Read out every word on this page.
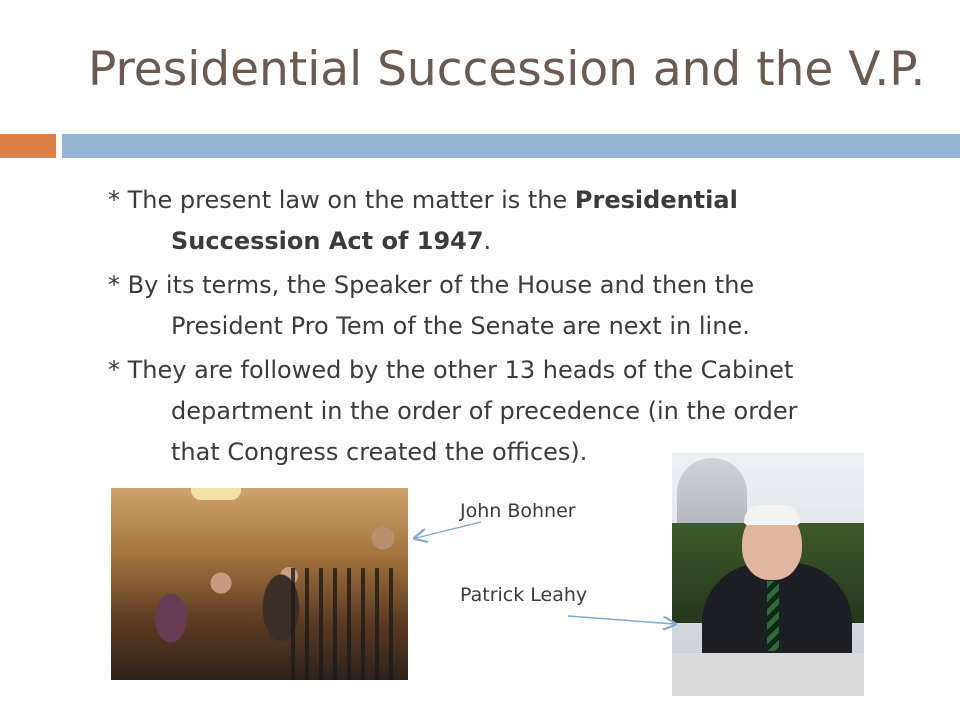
Presidential Succession and the V.P.
* The present law on the matter is the Presidential
Succession Act of 1947.
* By its terms, the Speaker of the House and then the
President Pro Tem of the Senate are next in line.
* They are followed by the other 13 heads of the Cabinet
department in the order of precedence (in the order
that Congress created the offices).
John Bohner
Patrick Leahy
